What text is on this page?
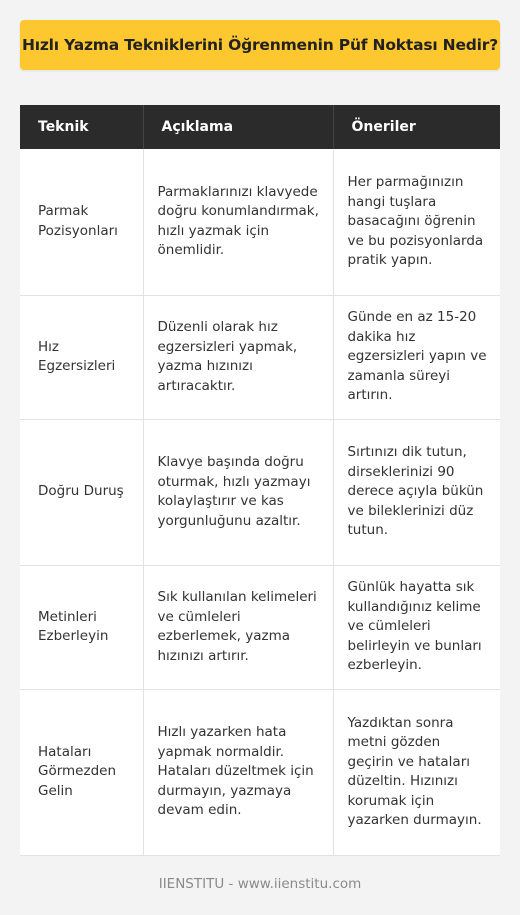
Hızlı Yazma Tekniklerini Öğrenmenin Püf Noktası Nedir?
Teknik	Açıklama	Öneriler
Parmak Pozisyonları	Parmaklarınızı klavyede doğru konumlandırmak, hızlı yazmak için önemlidir.	Her parmağınızın hangi tuşlara basacağını öğrenin ve bu pozisyonlarda pratik yapın.
Hız Egzersizleri	Düzenli olarak hız egzersizleri yapmak, yazma hızınızı artıracaktır.	Günde en az 15-20 dakika hız egzersizleri yapın ve zamanla süreyi artırın.
Doğru Duruş	Klavye başında doğru oturmak, hızlı yazmayı kolaylaştırır ve kas yorgunluğunu azaltır.	Sırtınızı dik tutun, dirseklerinizi 90 derece açıyla bükün ve bileklerinizi düz tutun.
Metinleri Ezberleyin	Sık kullanılan kelimeleri ve cümleleri ezberlemek, yazma hızınızı artırır.	Günlük hayatta sık kullandığınız kelime ve cümleleri belirleyin ve bunları ezberleyin.
Hataları Görmezden Gelin	Hızlı yazarken hata yapmak normaldir. Hataları düzeltmek için durmayın, yazmaya devam edin.	Yazdıktan sonra metni gözden geçirin ve hataları düzeltin. Hızınızı korumak için yazarken durmayın.
IIENSTITU - www.iienstitu.com
